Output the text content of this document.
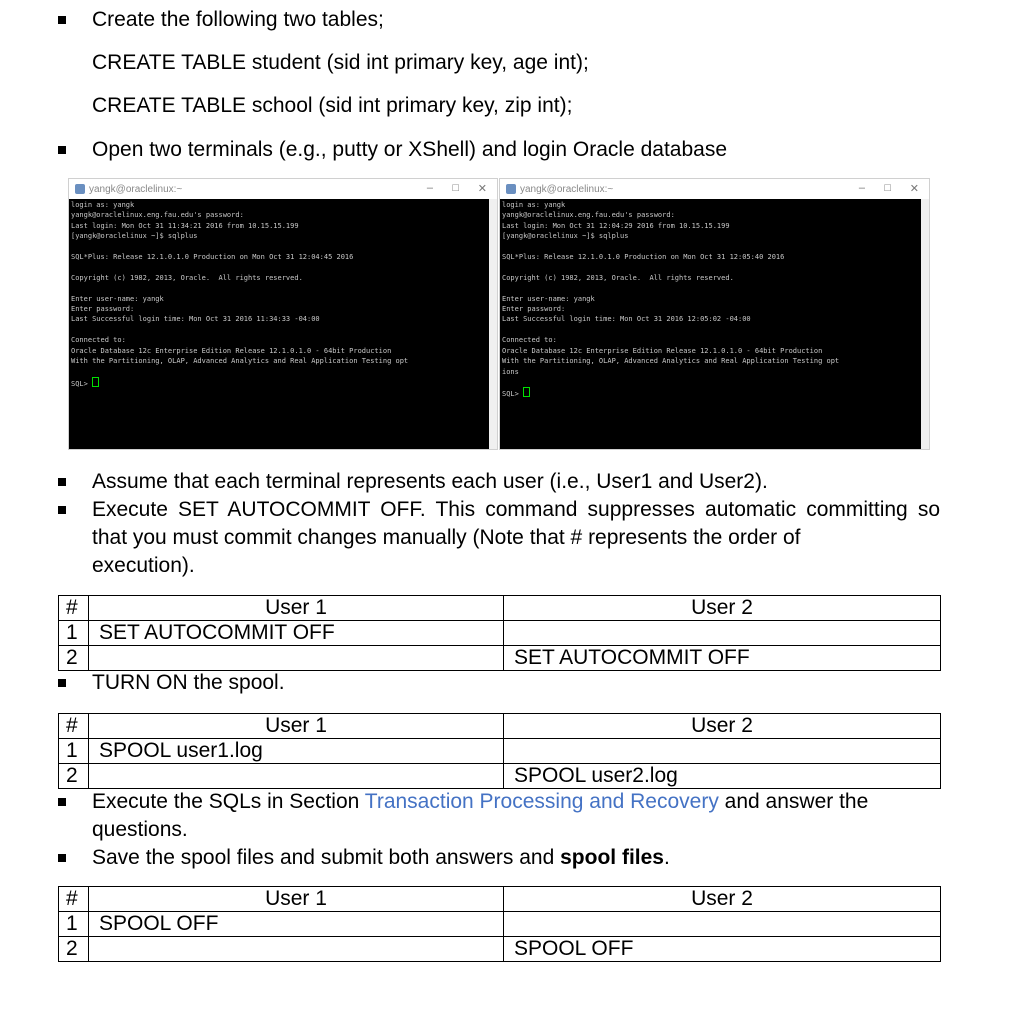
Create the following two tables;
CREATE TABLE student (sid int primary key, age int);
CREATE TABLE school (sid int primary key, zip int);
Open two terminals (e.g., putty or XShell) and login Oracle database
yangk@oraclelinux:~	– □ ✕
login as: yangk
yangk@oraclelinux.eng.fau.edu's password:
Last login: Mon Oct 31 11:34:21 2016 from 10.15.15.199
[yangk@oraclelinux ~]$ sqlplus

SQL*Plus: Release 12.1.0.1.0 Production on Mon Oct 31 12:04:45 2016

Copyright (c) 1982, 2013, Oracle.  All rights reserved.

Enter user-name: yangk
Enter password:
Last Successful login time: Mon Oct 31 2016 11:34:33 -04:00

Connected to:
Oracle Database 12c Enterprise Edition Release 12.1.0.1.0 - 64bit Production
With the Partitioning, OLAP, Advanced Analytics and Real Application Testing opt

SQL>
yangk@oraclelinux:~	– □ ✕
login as: yangk
yangk@oraclelinux.eng.fau.edu's password:
Last login: Mon Oct 31 12:04:29 2016 from 10.15.15.199
[yangk@oraclelinux ~]$ sqlplus

SQL*Plus: Release 12.1.0.1.0 Production on Mon Oct 31 12:05:40 2016

Copyright (c) 1982, 2013, Oracle.  All rights reserved.

Enter user-name: yangk
Enter password:
Last Successful login time: Mon Oct 31 2016 12:05:02 -04:00

Connected to:
Oracle Database 12c Enterprise Edition Release 12.1.0.1.0 - 64bit Production
With the Partitioning, OLAP, Advanced Analytics and Real Application Testing opt
ions

SQL>
Assume that each terminal represents each user (i.e., User1 and User2).
Execute SET AUTOCOMMIT OFF. This command suppresses automatic committing so that you must commit changes manually (Note that # represents the order of
execution).
#	User 1	User 2
1	SET AUTOCOMMIT OFF	
2		SET AUTOCOMMIT OFF
TURN ON the spool.
#	User 1	User 2
1	SPOOL user1.log	
2		SPOOL user2.log
Execute the SQLs in Section Transaction Processing and Recovery and answer the
questions.
Save the spool files and submit both answers and spool files.
#	User 1	User 2
1	SPOOL OFF	
2		SPOOL OFF
